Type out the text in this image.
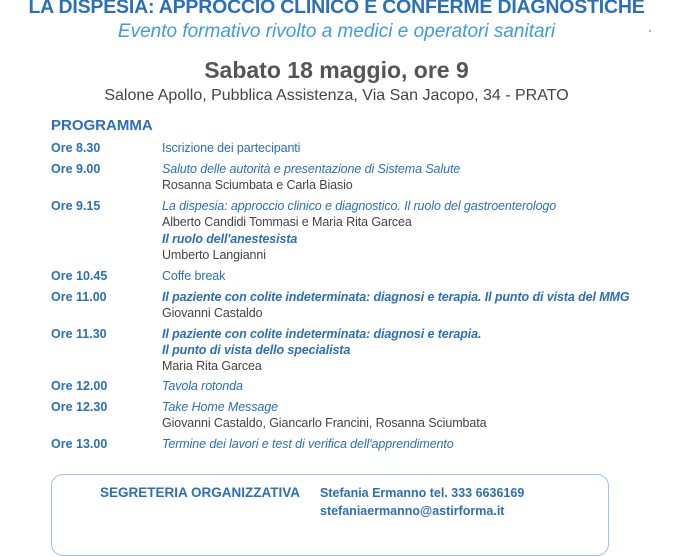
LA DISPESIA: APPROCCIO CLINICO E CONFERME DIAGNOSTICHE
Evento formativo rivolto a medici e operatori sanitari
Sabato 18 maggio, ore 9
Salone Apollo, Pubblica Assistenza, Via San Jacopo, 34 - PRATO
PROGRAMMA
Ore 8.30	Iscrizione dei partecipanti
Ore 9.00	Saluto delle autorità e presentazione di Sistema Salute
Rosanna Sciumbata e Carla Biasio
Ore 9.15	La dispesia: approccio clinico e diagnostico. Il ruolo del gastroenterologo
Alberto Candidi Tommasi e Maria Rita Garcea
Il ruolo dell'anestesista
Umberto Langianni
Ore 10.45	Coffe break
Ore 11.00	Il paziente con colite indeterminata: diagnosi e terapia. Il punto di vista del MMG
Giovanni Castaldo
Ore 11.30	Il paziente con colite indeterminata: diagnosi e terapia.
Il punto di vista dello specialista
Maria Rita Garcea
Ore 12.00	Tavola rotonda
Ore 12.30	Take Home Message
Giovanni Castaldo, Giancarlo Francini, Rosanna Sciumbata
Ore 13.00	Termine dei lavori e test di verifica dell'apprendimento
SEGRETERIA ORGANIZZATIVA Stefania Ermanno tel. 333 6636169
stefaniaermanno@astirforma.it
